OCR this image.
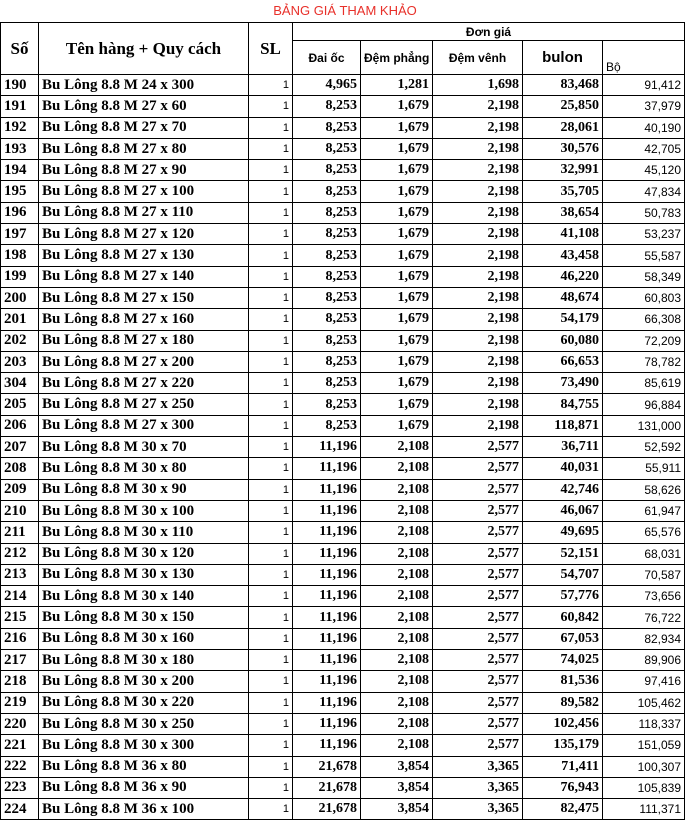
BẢNG GIÁ THAM KHẢO
Số	Tên hàng + Quy cách	SL	Đơn giá				
			Đai ốc	Đệm phẳng	Đệm vênh	bulon	Bộ
190	Bu Lông 8.8 M 24 x 300	1	4,965	1,281	1,698	83,468	91,412
191	Bu Lông 8.8 M 27 x 60	1	8,253	1,679	2,198	25,850	37,979
192	Bu Lông 8.8 M 27 x 70	1	8,253	1,679	2,198	28,061	40,190
193	Bu Lông 8.8 M 27 x 80	1	8,253	1,679	2,198	30,576	42,705
194	Bu Lông 8.8 M 27 x 90	1	8,253	1,679	2,198	32,991	45,120
195	Bu Lông 8.8 M 27 x 100	1	8,253	1,679	2,198	35,705	47,834
196	Bu Lông 8.8 M 27 x 110	1	8,253	1,679	2,198	38,654	50,783
197	Bu Lông 8.8 M 27 x 120	1	8,253	1,679	2,198	41,108	53,237
198	Bu Lông 8.8 M 27 x 130	1	8,253	1,679	2,198	43,458	55,587
199	Bu Lông 8.8 M 27 x 140	1	8,253	1,679	2,198	46,220	58,349
200	Bu Lông 8.8 M 27 x 150	1	8,253	1,679	2,198	48,674	60,803
201	Bu Lông 8.8 M 27 x 160	1	8,253	1,679	2,198	54,179	66,308
202	Bu Lông 8.8 M 27 x 180	1	8,253	1,679	2,198	60,080	72,209
203	Bu Lông 8.8 M 27 x 200	1	8,253	1,679	2,198	66,653	78,782
304	Bu Lông 8.8 M 27 x 220	1	8,253	1,679	2,198	73,490	85,619
205	Bu Lông 8.8 M 27 x 250	1	8,253	1,679	2,198	84,755	96,884
206	Bu Lông 8.8 M 27 x 300	1	8,253	1,679	2,198	118,871	131,000
207	Bu Lông 8.8 M 30 x 70	1	11,196	2,108	2,577	36,711	52,592
208	Bu Lông 8.8 M 30 x 80	1	11,196	2,108	2,577	40,031	55,911
209	Bu Lông 8.8 M 30 x 90	1	11,196	2,108	2,577	42,746	58,626
210	Bu Lông 8.8 M 30 x 100	1	11,196	2,108	2,577	46,067	61,947
211	Bu Lông 8.8 M 30 x 110	1	11,196	2,108	2,577	49,695	65,576
212	Bu Lông 8.8 M 30 x 120	1	11,196	2,108	2,577	52,151	68,031
213	Bu Lông 8.8 M 30 x 130	1	11,196	2,108	2,577	54,707	70,587
214	Bu Lông 8.8 M 30 x 140	1	11,196	2,108	2,577	57,776	73,656
215	Bu Lông 8.8 M 30 x 150	1	11,196	2,108	2,577	60,842	76,722
216	Bu Lông 8.8 M 30 x 160	1	11,196	2,108	2,577	67,053	82,934
217	Bu Lông 8.8 M 30 x 180	1	11,196	2,108	2,577	74,025	89,906
218	Bu Lông 8.8 M 30 x 200	1	11,196	2,108	2,577	81,536	97,416
219	Bu Lông 8.8 M 30 x 220	1	11,196	2,108	2,577	89,582	105,462
220	Bu Lông 8.8 M 30 x 250	1	11,196	2,108	2,577	102,456	118,337
221	Bu Lông 8.8 M 30 x 300	1	11,196	2,108	2,577	135,179	151,059
222	Bu Lông 8.8 M 36 x 80	1	21,678	3,854	3,365	71,411	100,307
223	Bu Lông 8.8 M 36 x 90	1	21,678	3,854	3,365	76,943	105,839
224	Bu Lông 8.8 M 36 x 100	1	21,678	3,854	3,365	82,475	111,371
